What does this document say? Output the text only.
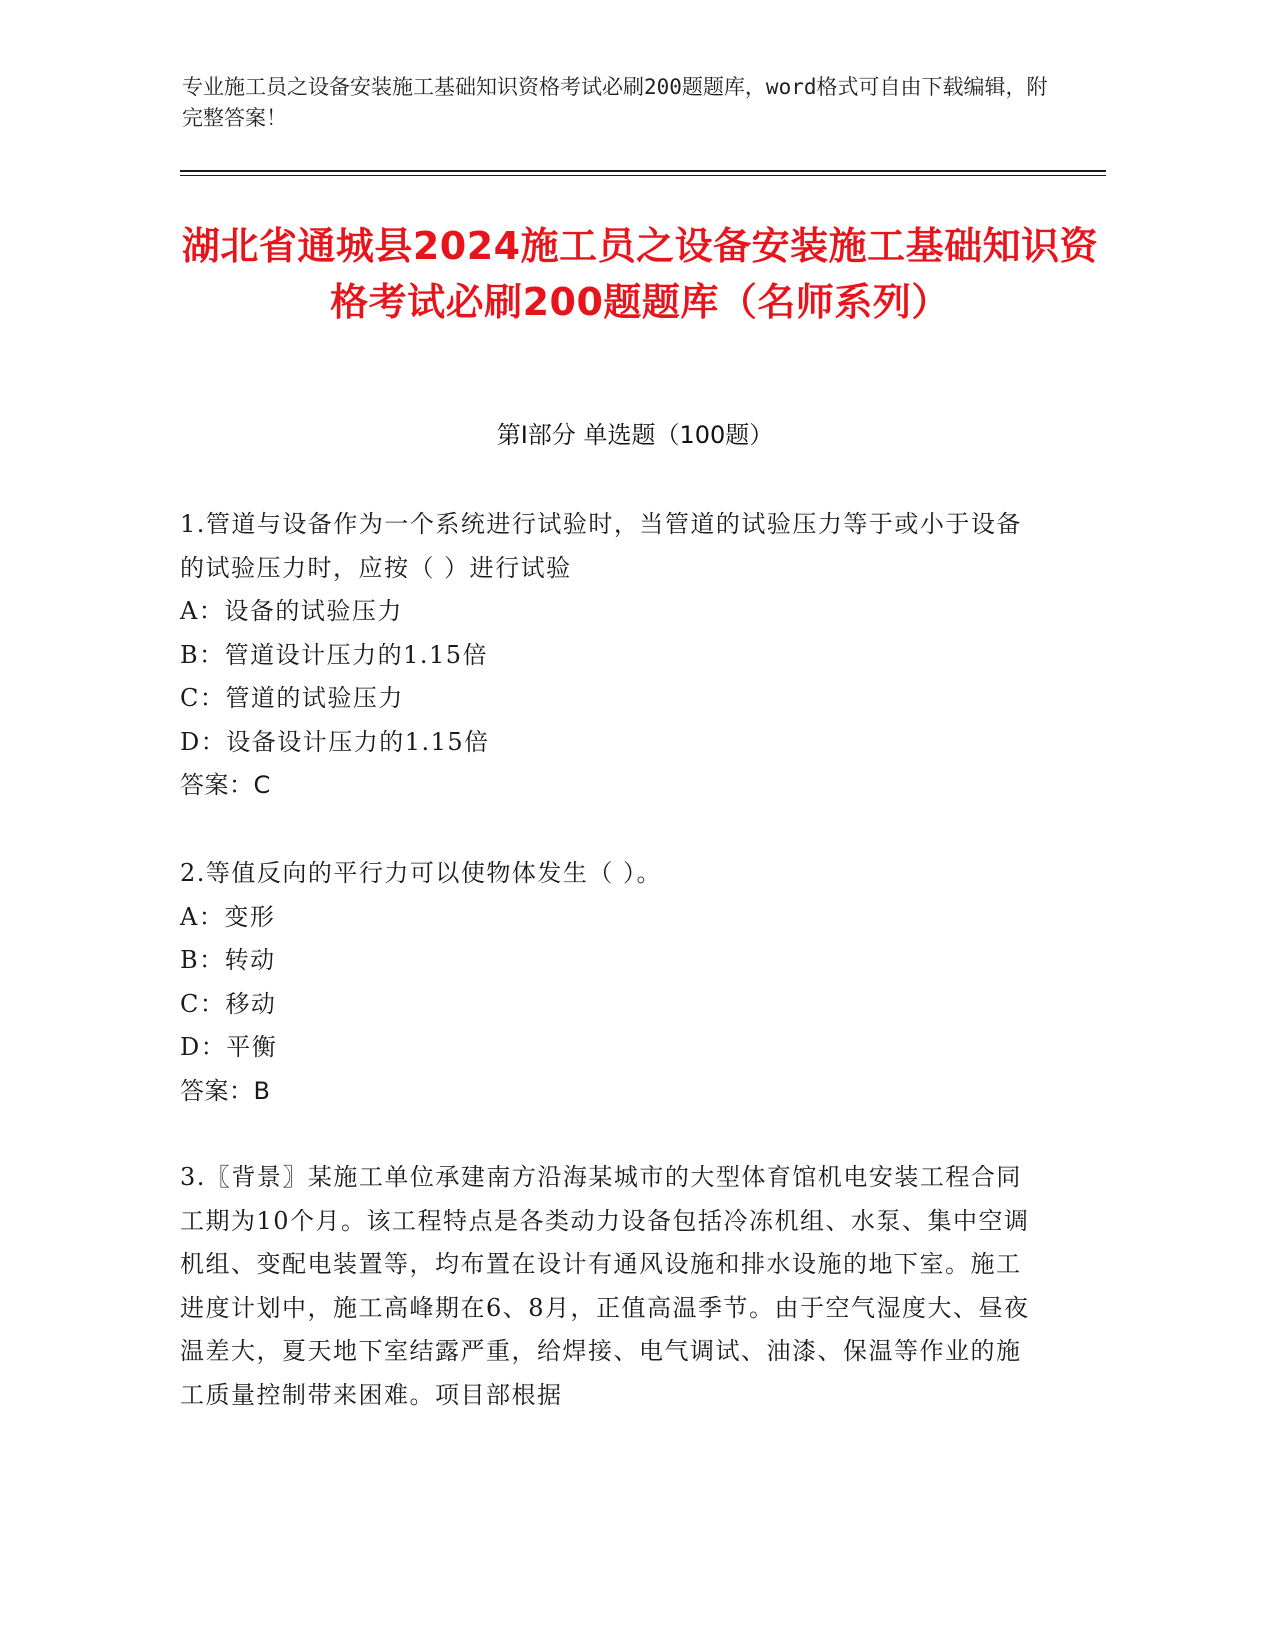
专业施工员之设备安装施工基础知识资格考试必刷200题题库，word格式可自由下载编辑，附完整答案！
湖北省通城县2024施工员之设备安装施工基础知识资格考试必刷200题题库（名师系列）
第Ⅰ部分 单选题（100题）

1.管道与设备作为一个系统进行试验时，当管道的试验压力等于或小于设备的试验压力时，应按（ ）进行试验

A：设备的试验压力

B：管道设计压力的1.15倍

C：管道的试验压力

D：设备设计压力的1.15倍

答案：C

2.等值反向的平行力可以使物体发生（ ）。

A：变形

B：转动

C：移动

D：平衡

答案：B

3.〖背景〗某施工单位承建南方沿海某城市的大型体育馆机电安装工程合同工期为10个月。该工程特点是各类动力设备包括冷冻机组、水泵、集中空调机组、变配电装置等，均布置在设计有通风设施和排水设施的地下室。施工进度计划中，施工高峰期在6、8月，正值高温季节。由于空气湿度大、昼夜温差大，夏天地下室结露严重，给焊接、电气调试、油漆、保温等作业的施工质量控制带来困难。项目部根据
